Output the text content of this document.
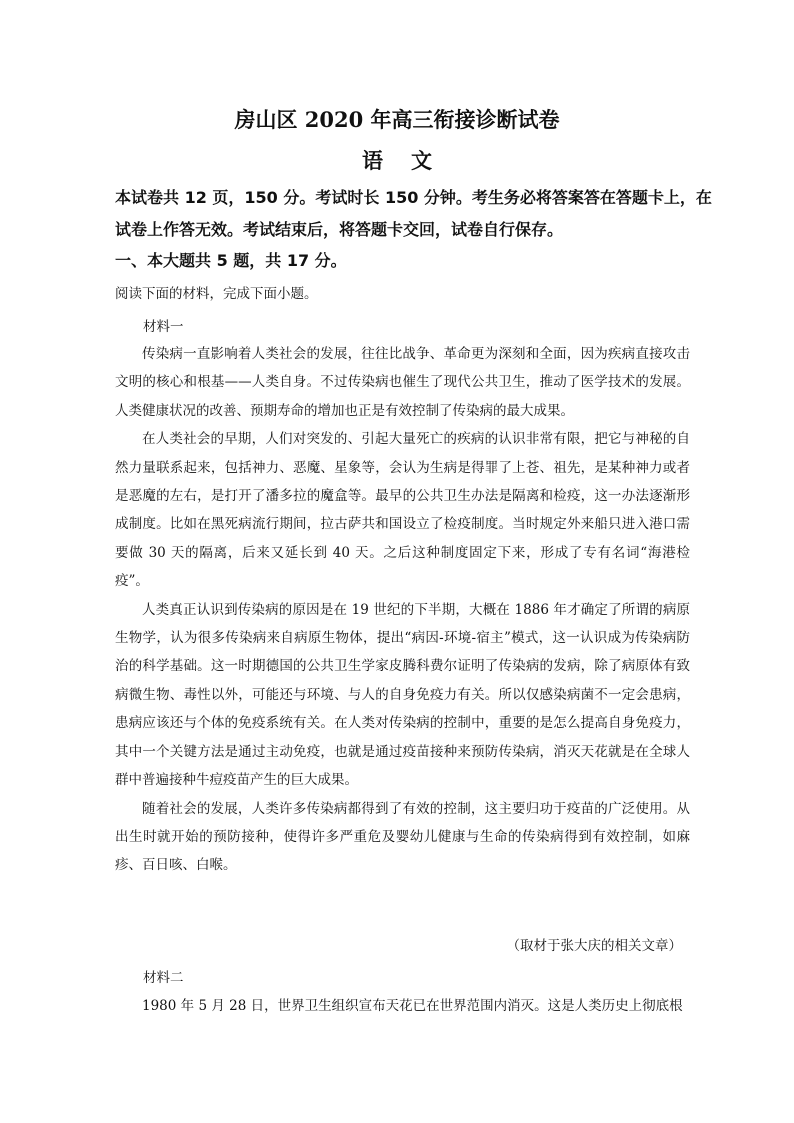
房山区 2020 年高三衔接诊断试卷
语文
本试卷共 12 页，150 分。考试时长 150 分钟。考生务必将答案答在答题卡上，在
试卷上作答无效。考试结束后，将答题卡交回，试卷自行保存。
一、本大题共 5 题，共 17 分。
阅读下面的材料，完成下面小题。
材料一

传染病一直影响着人类社会的发展，往往比战争、革命更为深刻和全面，因为疾病直接攻击文明的核心和根基——人类自身。不过传染病也催生了现代公共卫生，推动了医学技术的发展。人类健康状况的改善、预期寿命的增加也正是有效控制了传染病的最大成果。

在人类社会的早期，人们对突发的、引起大量死亡的疾病的认识非常有限，把它与神秘的自然力量联系起来，包括神力、恶魔、星象等，会认为生病是得罪了上苍、祖先，是某种神力或者是恶魔的左右，是打开了潘多拉的魔盒等。最早的公共卫生办法是隔离和检疫，这一办法逐渐形成制度。比如在黑死病流行期间，拉古萨共和国设立了检疫制度。当时规定外来船只进入港口需要做 30 天的隔离，后来又延长到 40 天。之后这种制度固定下来，形成了专有名词“海港检疫”。

人类真正认识到传染病的原因是在 19 世纪的下半期，大概在 1886 年才确定了所谓的病原生物学，认为很多传染病来自病原生物体，提出“病因-环境-宿主”模式，这一认识成为传染病防治的科学基础。这一时期德国的公共卫生学家皮腾科费尔证明了传染病的发病，除了病原体有致病微生物、毒性以外，可能还与环境、与人的自身免疫力有关。所以仅感染病菌不一定会患病，患病应该还与个体的免疫系统有关。在人类对传染病的控制中，重要的是怎么提高自身免疫力，其中一个关键方法是通过主动免疫，也就是通过疫苗接种来预防传染病，消灭天花就是在全球人群中普遍接种牛痘疫苗产生的巨大成果。

随着社会的发展，人类许多传染病都得到了有效的控制，这主要归功于疫苗的广泛使用。从出生时就开始的预防接种，使得许多严重危及婴幼儿健康与生命的传染病得到有效控制，如麻疹、百日咳、白喉。

（取材于张大庆的相关文章）
材料二

1980 年 5 月 28 日，世界卫生组织宣布天花已在世界范围内消灭。这是人类历史上彻底根
